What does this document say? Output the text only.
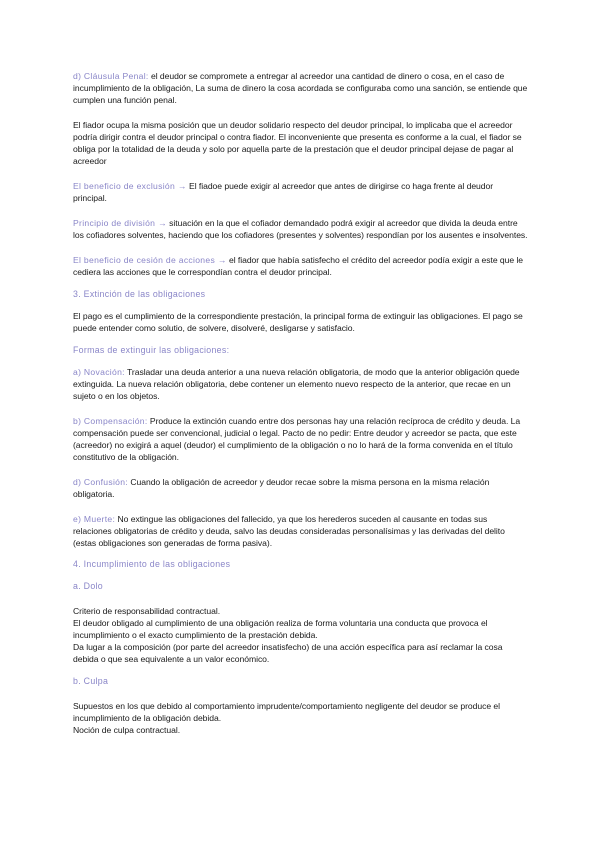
d) Cláusula Penal: el deudor se compromete a entregar al acreedor una cantidad de dinero o cosa, en el caso de incumplimiento de la obligación, La suma de dinero la cosa acordada se configuraba como una sanción, se entiende que cumplen una función penal.

El fiador ocupa la misma posición que un deudor solidario respecto del deudor principal, lo implicaba que el acreedor podría dirigir contra el deudor principal o contra fiador. El inconveniente que presenta es conforme a la cual, el fiador se obliga por la totalidad de la deuda y solo por aquella parte de la prestación que el deudor principal dejase de pagar al acreedor

El beneficio de exclusión → El fiadoe puede exigir al acreedor que antes de dirigirse co haga frente al deudor principal.

Principio de división → situación en la que el cofiador demandado podrá exigir al acreedor que divida la deuda entre los cofiadores solventes, haciendo que los cofiadores (presentes y solventes) respondían por los ausentes e insolventes.

El beneficio de cesión de acciones → el fiador que había satisfecho el crédito del acreedor podía exigir a este que le cediera las acciones que le correspondían contra el deudor principal.

3. Extinción de las obligaciones

El pago es el cumplimiento de la correspondiente prestación, la principal forma de extinguir las obligaciones. El pago se puede entender como solutio, de solvere, disolveré, desligarse y satisfacio.

Formas de extinguir las obligaciones:

a) Novación: Trasladar una deuda anterior a una nueva relación obligatoria, de modo que la anterior obligación quede extinguida. La nueva relación obligatoria, debe contener un elemento nuevo respecto de la anterior, que recae en un sujeto o en los objetos.

b) Compensación: Produce la extinción cuando entre dos personas hay una relación recíproca de crédito y deuda. La compensación puede ser convencional, judicial o legal. Pacto de no pedir: Entre deudor y acreedor se pacta, que este (acreedor) no exigirá a aquel (deudor) el cumplimiento de la obligación o no lo hará de la forma convenida en el título constitutivo de la obligación.

d) Confusión: Cuando la obligación de acreedor y deudor recae sobre la misma persona en la misma relación obligatoria.

e) Muerte: No extingue las obligaciones del fallecido, ya que los herederos suceden al causante en todas sus relaciones obligatorias de crédito y deuda, salvo las deudas consideradas personalísimas y las derivadas del delito (estas obligaciones son generadas de forma pasiva).

4. Incumplimiento de las obligaciones

a. Dolo

Criterio de responsabilidad contractual.
El deudor obligado al cumplimiento de una obligación realiza de forma voluntaria una conducta que provoca el incumplimiento o el exacto cumplimiento de la prestación debida.
Da lugar a la composición (por parte del acreedor insatisfecho) de una acción específica para así reclamar la cosa debida o que sea equivalente a un valor económico.

b. Culpa

Supuestos en los que debido al comportamiento imprudente/comportamiento negligente del deudor se produce el incumplimiento de la obligación debida.
Noción de culpa contractual.
